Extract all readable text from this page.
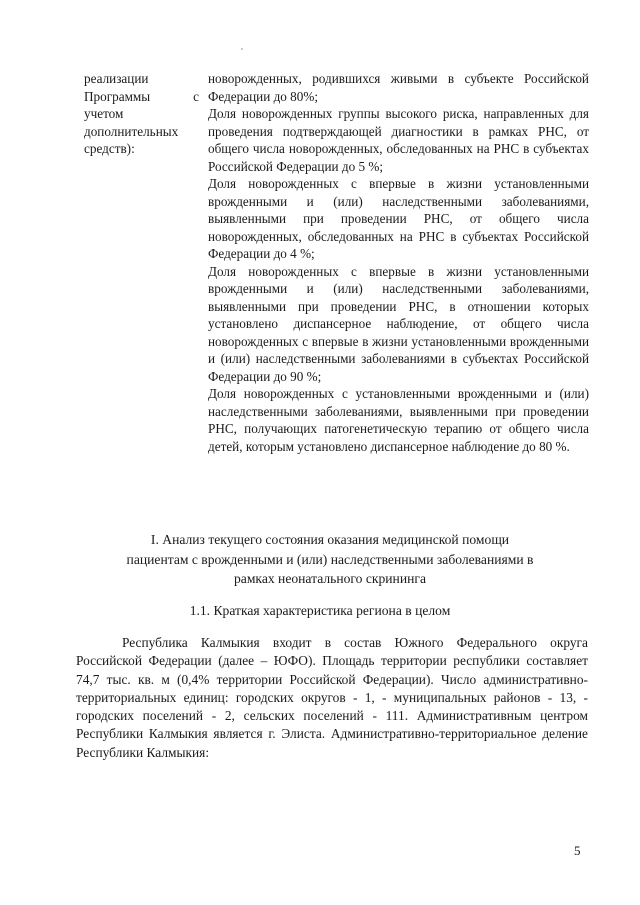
реализации
Программы с
учетом
дополнительных
средств):

новорожденных, родившихся живыми в субъекте Российской Федерации до 80%;

Доля новорожденных группы высокого риска, направленных для проведения подтверждающей диагностики в рамках РНС, от общего числа новорожденных, обследованных на РНС в субъектах Российской Федерации до 5 %;

Доля новорожденных с впервые в жизни установленными врожденными и (или) наследственными заболеваниями, выявленными при проведении РНС, от общего числа новорожденных, обследованных на РНС в субъектах Российской Федерации до 4 %;

Доля новорожденных с впервые в жизни установленными врожденными и (или) наследственными заболеваниями, выявленными при проведении РНС, в отношении которых установлено диспансерное наблюдение, от общего числа новорожденных с впервые в жизни установленными врожденными и (или) наследственными заболеваниями в субъектах Российской Федерации до 90 %;

Доля новорожденных с установленными врожденными и (или) наследственными заболеваниями, выявленными при проведении РНС, получающих патогенетическую терапию от общего числа детей, которым установлено диспансерное наблюдение до 80 %.

I. Анализ текущего состояния оказания медицинской помощи пациентам с врожденными и (или) наследственными заболеваниями в рамках неонатального скрининга
1.1. Краткая характеристика региона в целом

Республика Калмыкия входит в состав Южного Федерального округа Российской Федерации (далее – ЮФО). Площадь территории республики составляет 74,7 тыс. кв. м (0,4% территории Российской Федерации). Число административно-территориальных единиц: городских округов - 1, - муниципальных районов - 13, - городских поселений - 2, сельских поселений - 111. Административным центром Республики Калмыкия является г. Элиста. Административно-территориальное деление Республики Калмыкия:

5
